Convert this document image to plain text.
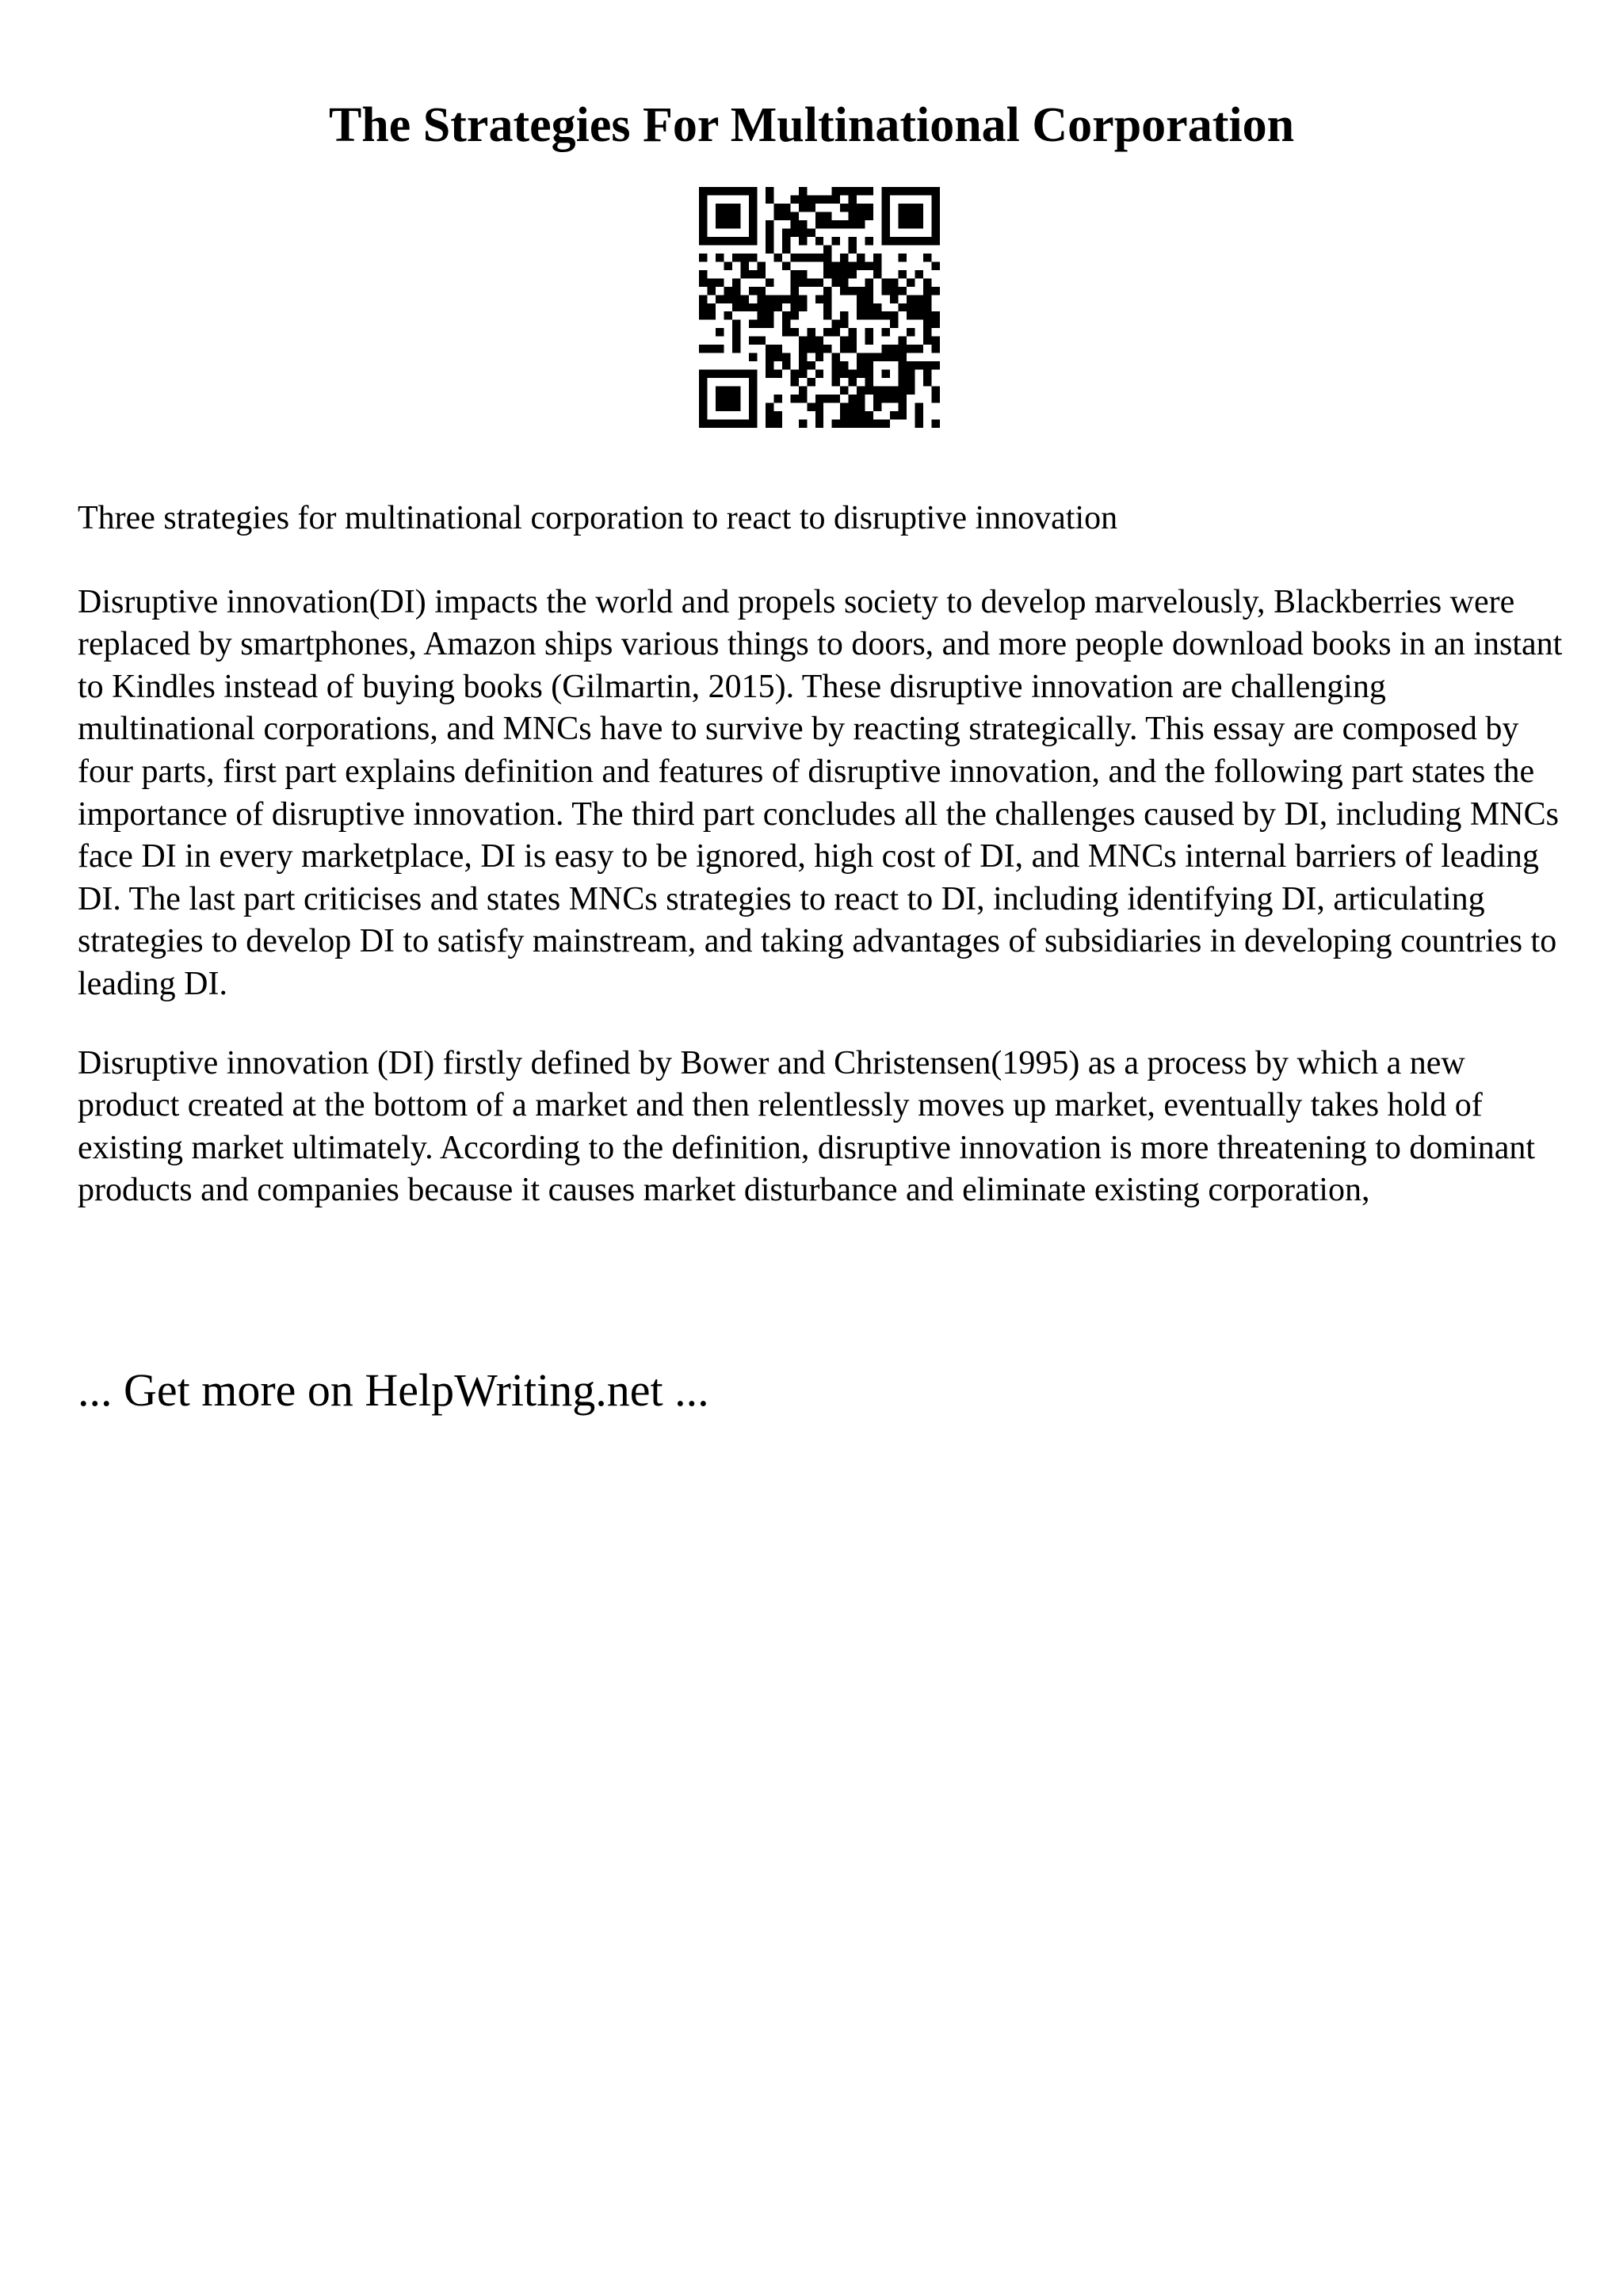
The Strategies For Multinational Corporation

Three strategies for multinational corporation to react to disruptive innovation

Disruptive innovation(DI) impacts the world and propels society to develop marvelously, Blackberries were replaced by smartphones, Amazon ships various things to doors, and more people download books in an instant to Kindles instead of buying books (Gilmartin, 2015). These disruptive innovation are challenging multinational corporations, and MNCs have to survive by reacting strategically. This essay are composed by four parts, first part explains definition and features of disruptive innovation, and the following part states the importance of disruptive innovation. The third part concludes all the challenges caused by DI, including MNCs face DI in every marketplace, DI is easy to be ignored, high cost of DI, and MNCs internal barriers of leading DI. The last part criticises and states MNCs strategies to react to DI, including identifying DI, articulating strategies to develop DI to satisfy mainstream, and taking advantages of subsidiaries in developing countries to leading DI.

Disruptive innovation (DI) firstly defined by Bower and Christensen(1995) as a process by which a new product created at the bottom of a market and then relentlessly moves up market, eventually takes hold of existing market ultimately. According to the definition, disruptive innovation is more threatening to dominant products and companies because it causes market disturbance and eliminate existing corporation,

... Get more on HelpWriting.net ...
